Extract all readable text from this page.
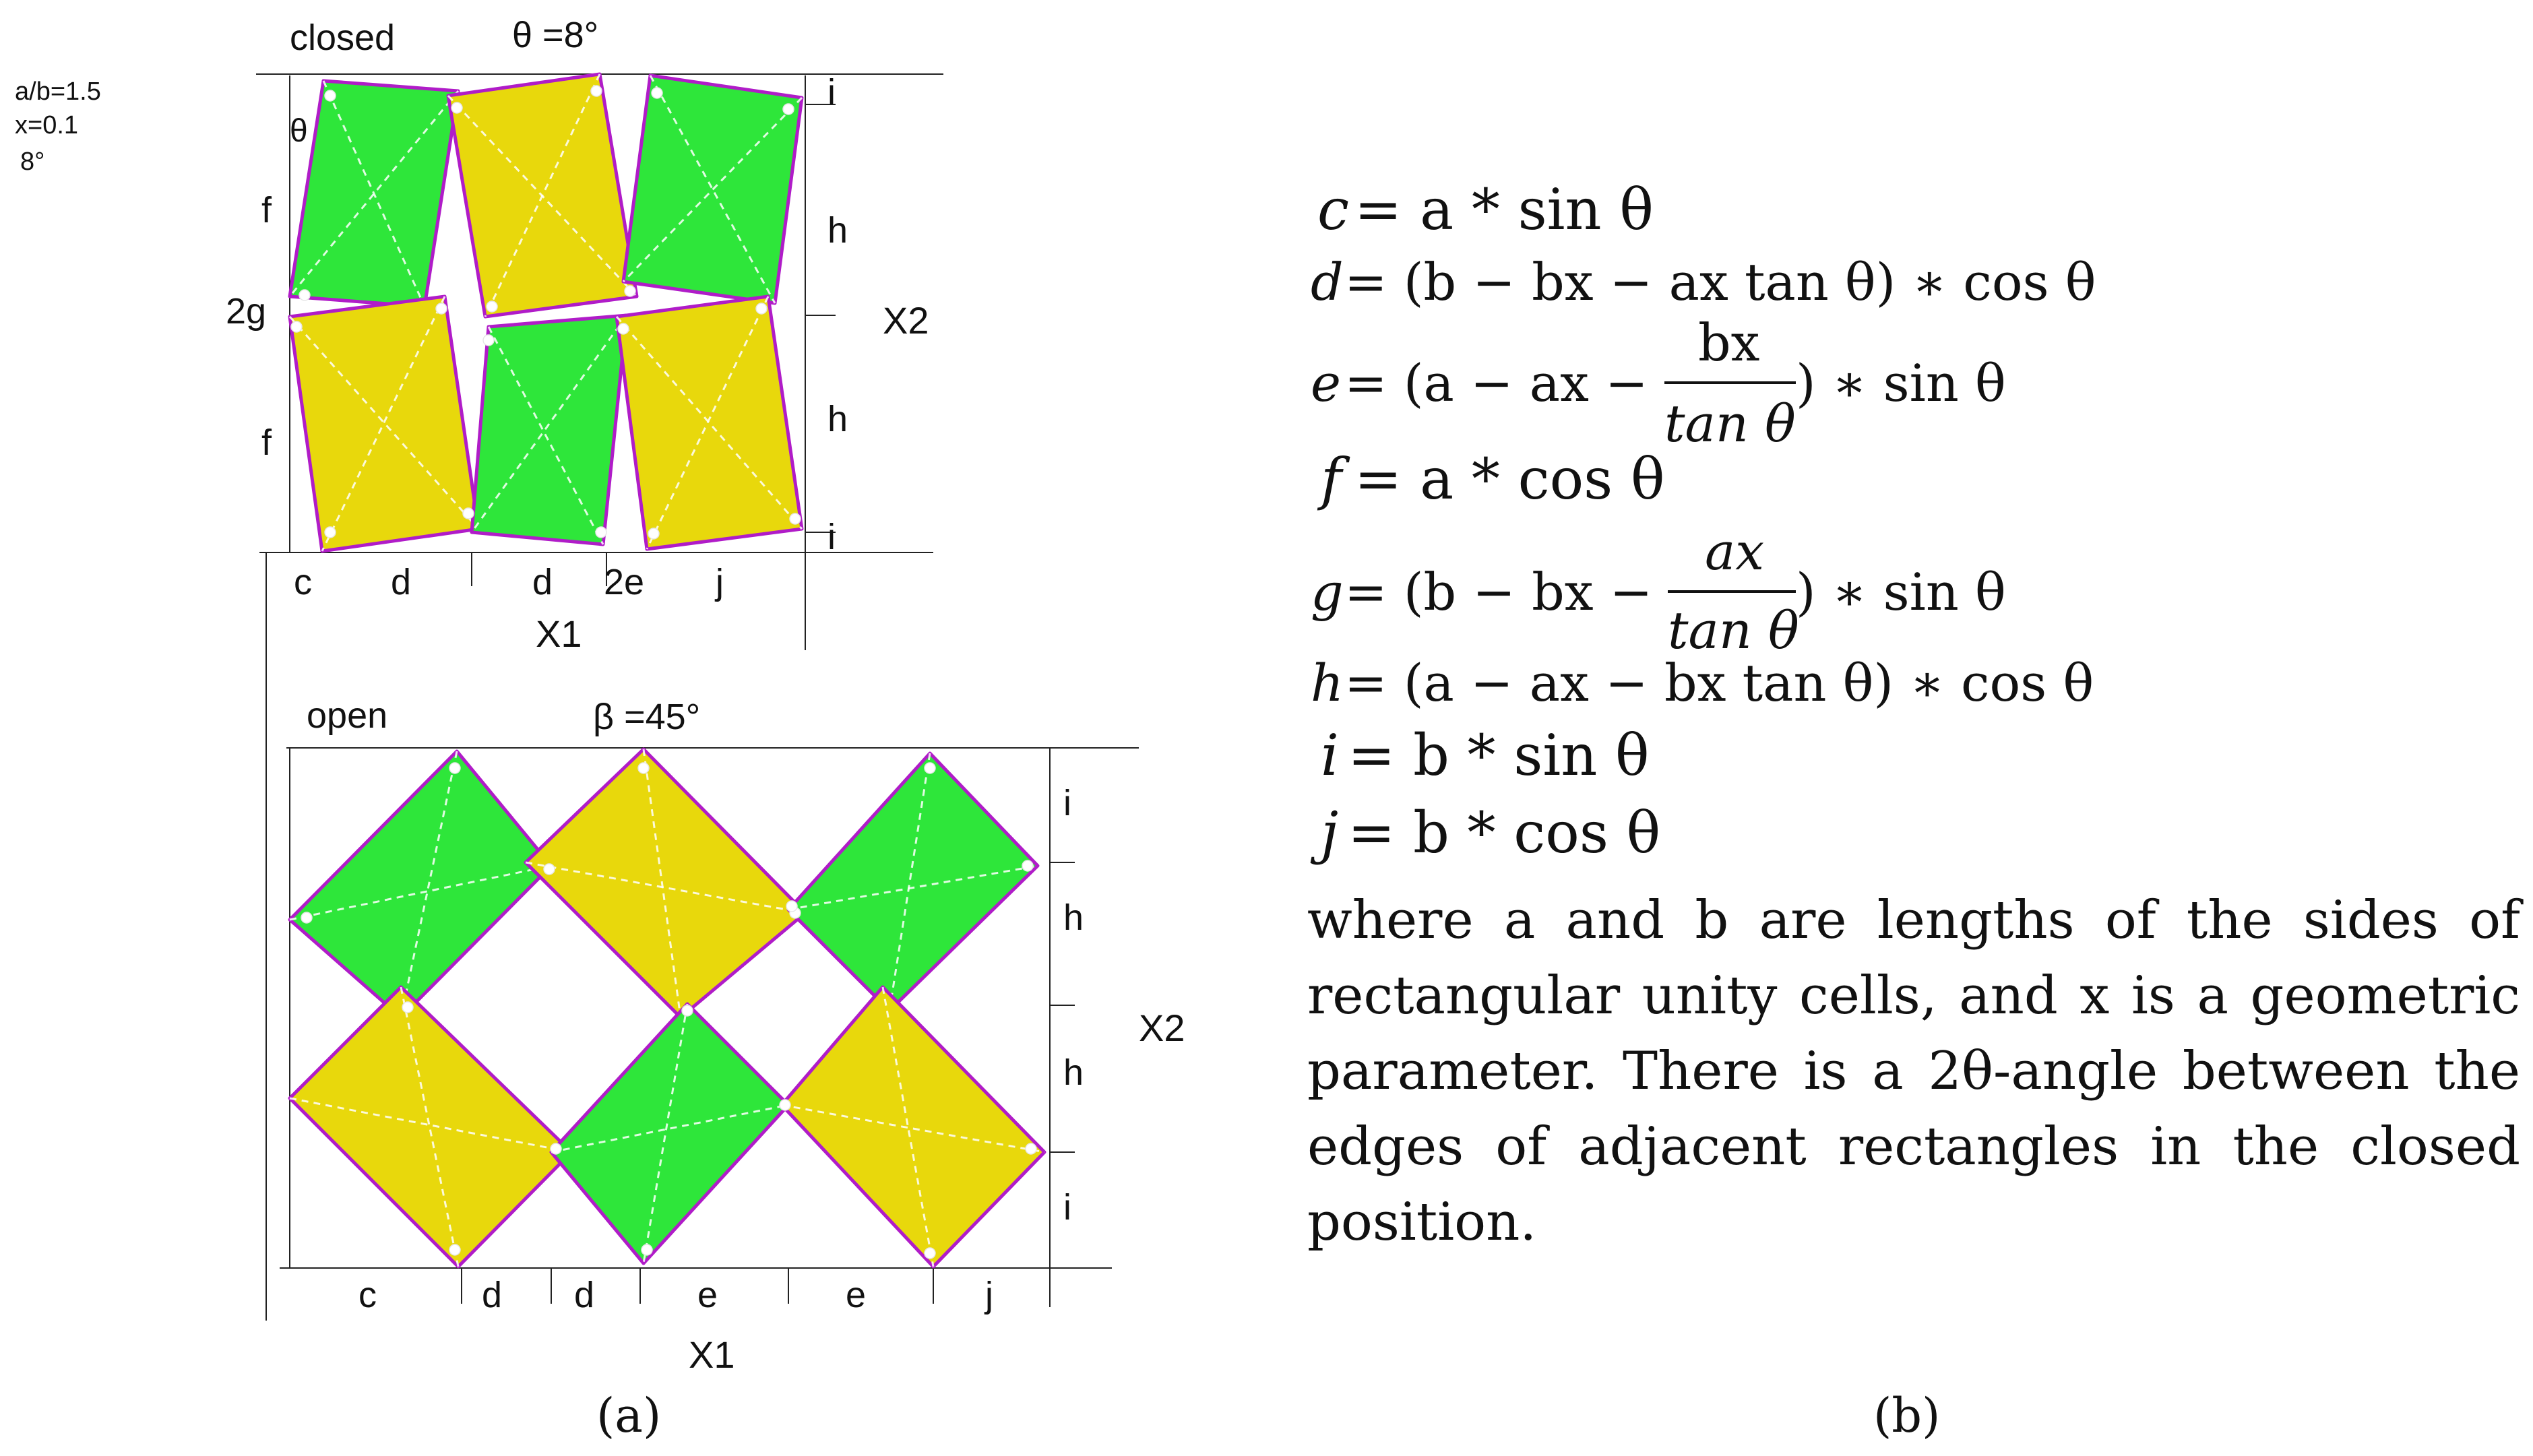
a/b=1.5
x=0.1
8°
closed	θ =8°
θ
f
2g
f
i
h
h
i
c d	d 2e j
X1
X2
open	β =45°
i
h
h
i
c	d d	e	e	j
X1
X2
(a)
c = a * sin θ
d = (b − bx − ax tan θ) ∗ cos θ
e = (a − ax −
bx
tan θ
) ∗ sin θ
f = a * cos θ
g = (b − bx −
ax
tan θ
) ∗ sin θ
h = (a − ax − bx tan θ) ∗ cos θ
i = b * sin θ
j = b * cos θ
(b)

where a and b are lengths of the sides of rectangular unity cells, and x is a geometric parameter. There is a 2θ-angle between the edges of adjacent rectangles in the closed position.
